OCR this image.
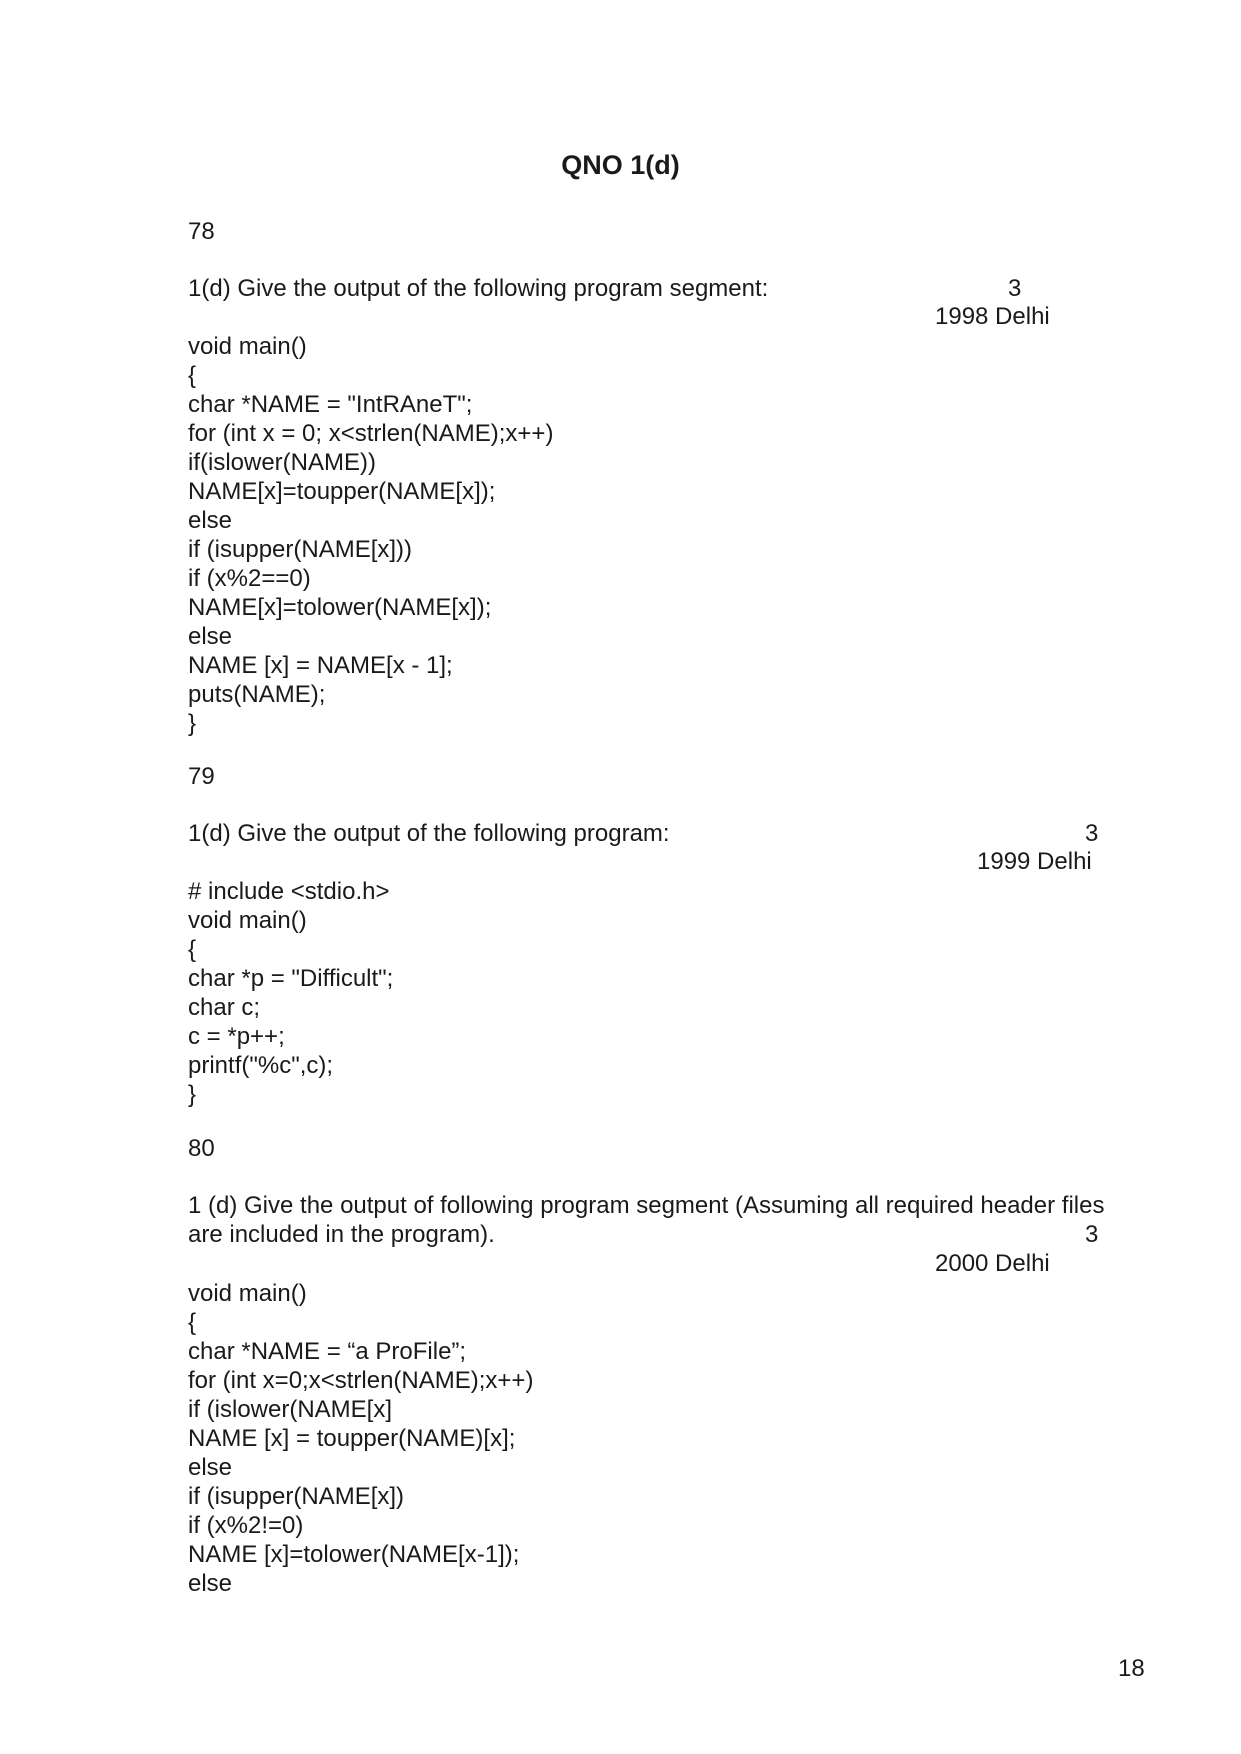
QNO 1(d)
78
1(d) Give the output of the following program segment:	3
1998 Delhi
void main()
{
char *NAME = "IntRAneT";
for (int x = 0; x<strlen(NAME);x++)
if(islower(NAME))
NAME[x]=toupper(NAME[x]);
else
if (isupper(NAME[x]))
if (x%2==0)
NAME[x]=tolower(NAME[x]);
else
NAME [x] = NAME[x - 1];
puts(NAME);
}
79
1(d) Give the output of the following program:	3
1999 Delhi
# include <stdio.h>
void main()
{
char *p = "Difficult";
char c;
c = *p++;
printf("%c",c);
}
80
1 (d) Give the output of following program segment (Assuming all required header files
are included in the program).	3
2000 Delhi
void main()
{
char *NAME = “a ProFile”;
for (int x=0;x<strlen(NAME);x++)
if (islower(NAME[x]
NAME [x] = toupper(NAME)[x];
else
if (isupper(NAME[x])
if (x%2!=0)
NAME [x]=tolower(NAME[x-1]);
else
18
